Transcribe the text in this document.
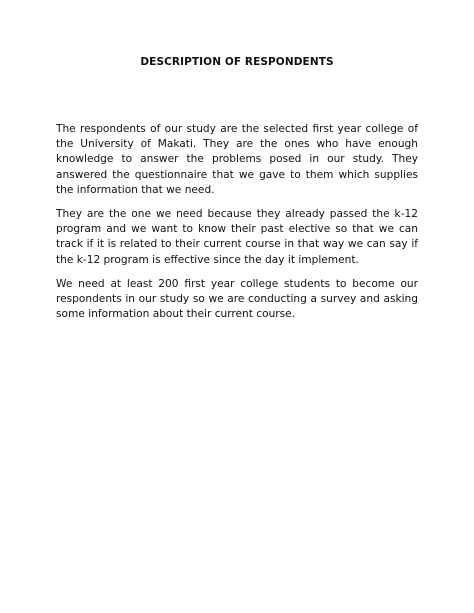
DESCRIPTION OF RESPONDENTS

The respondents of our study are the selected first year college of the University of Makati. They are the ones who have enough knowledge to answer the problems posed in our study. They answered the questionnaire that we gave to them which supplies the information that we need.

They are the one we need because they already passed the k-12 program and we want to know their past elective so that we can track if it is related to their current course in that way we can say if the k-12 program is effective since the day it implement.

We need at least 200 first year college students to become our respondents in our study so we are conducting a survey and asking some information about their current course.
